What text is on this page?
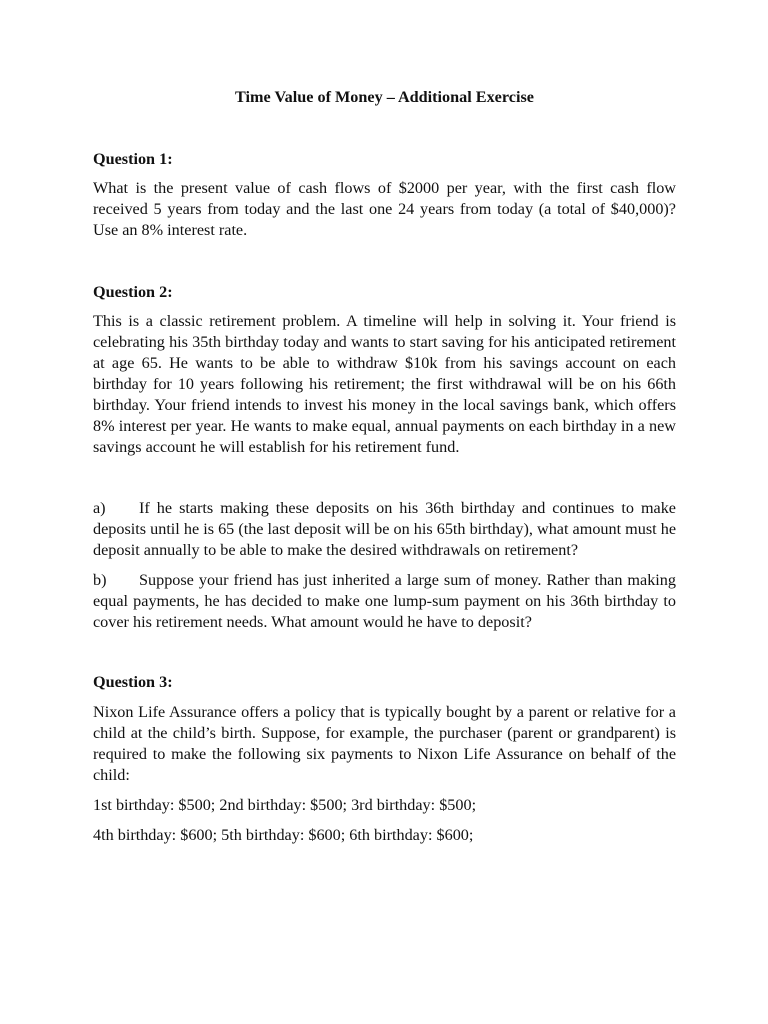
Time Value of Money – Additional Exercise

Question 1:

What is the present value of cash flows of $2000 per year, with the first cash flow received 5 years from today and the last one 24 years from today (a total of $40,000)? Use an 8% interest rate.

Question 2:

This is a classic retirement problem. A timeline will help in solving it. Your friend is celebrating his 35th birthday today and wants to start saving for his anticipated retirement at age 65. He wants to be able to withdraw $10k from his savings account on each birthday for 10 years following his retirement; the first withdrawal will be on his 66th birthday. Your friend intends to invest his money in the local savings bank, which offers 8% interest per year. He wants to make equal, annual payments on each birthday in a new savings account he will establish for his retirement fund.

a) If he starts making these deposits on his 36th birthday and continues to make deposits until he is 65 (the last deposit will be on his 65th birthday), what amount must he deposit annually to be able to make the desired withdrawals on retirement?

b) Suppose your friend has just inherited a large sum of money. Rather than making equal payments, he has decided to make one lump-sum payment on his 36th birthday to cover his retirement needs. What amount would he have to deposit?

Question 3:

Nixon Life Assurance offers a policy that is typically bought by a parent or relative for a child at the child’s birth. Suppose, for example, the purchaser (parent or grandparent) is required to make the following six payments to Nixon Life Assurance on behalf of the child:

1st birthday: $500; 2nd birthday: $500; 3rd birthday: $500;

4th birthday: $600; 5th birthday: $600; 6th birthday: $600;
